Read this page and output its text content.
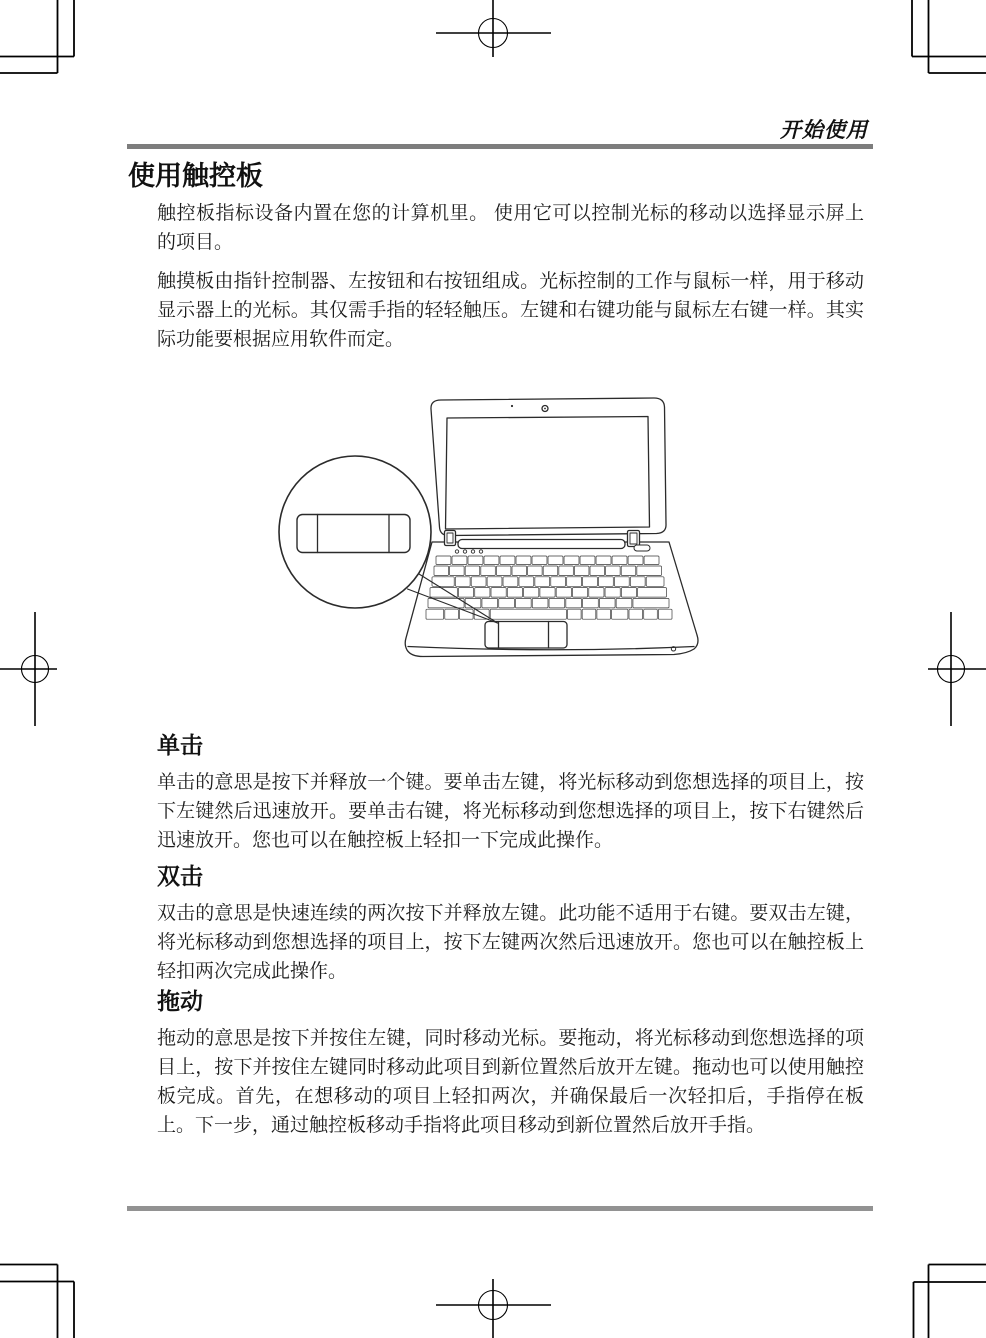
开始使用
使用触控板

触控板指标设备内置在您的计算机里。 使用它可以控制光标的移动以选择显示屏上的项目。

触摸板由指针控制器、左按钮和右按钮组成。光标控制的工作与鼠标一样，用于移动显示器上的光标。其仅需手指的轻轻触压。左键和右键功能与鼠标左右键一样。其实际功能要根据应用软件而定。

单击

单击的意思是按下并释放一个键。要单击左键，将光标移动到您想选择的项目上，按下左键然后迅速放开。要单击右键，将光标移动到您想选择的项目上，按下右键然后迅速放开。您也可以在触控板上轻扣一下完成此操作。

双击

双击的意思是快速连续的两次按下并释放左键。此功能不适用于右键。要双击左键，将光标移动到您想选择的项目上，按下左键两次然后迅速放开。您也可以在触控板上轻扣两次完成此操作。

拖动

拖动的意思是按下并按住左键，同时移动光标。要拖动，将光标移动到您想选择的项目上，按下并按住左键同时移动此项目到新位置然后放开左键。拖动也可以使用触控板完成。首先，在想移动的项目上轻扣两次，并确保最后一次轻扣后，手指停在板上。下一步，通过触控板移动手指将此项目移动到新位置然后放开手指。
